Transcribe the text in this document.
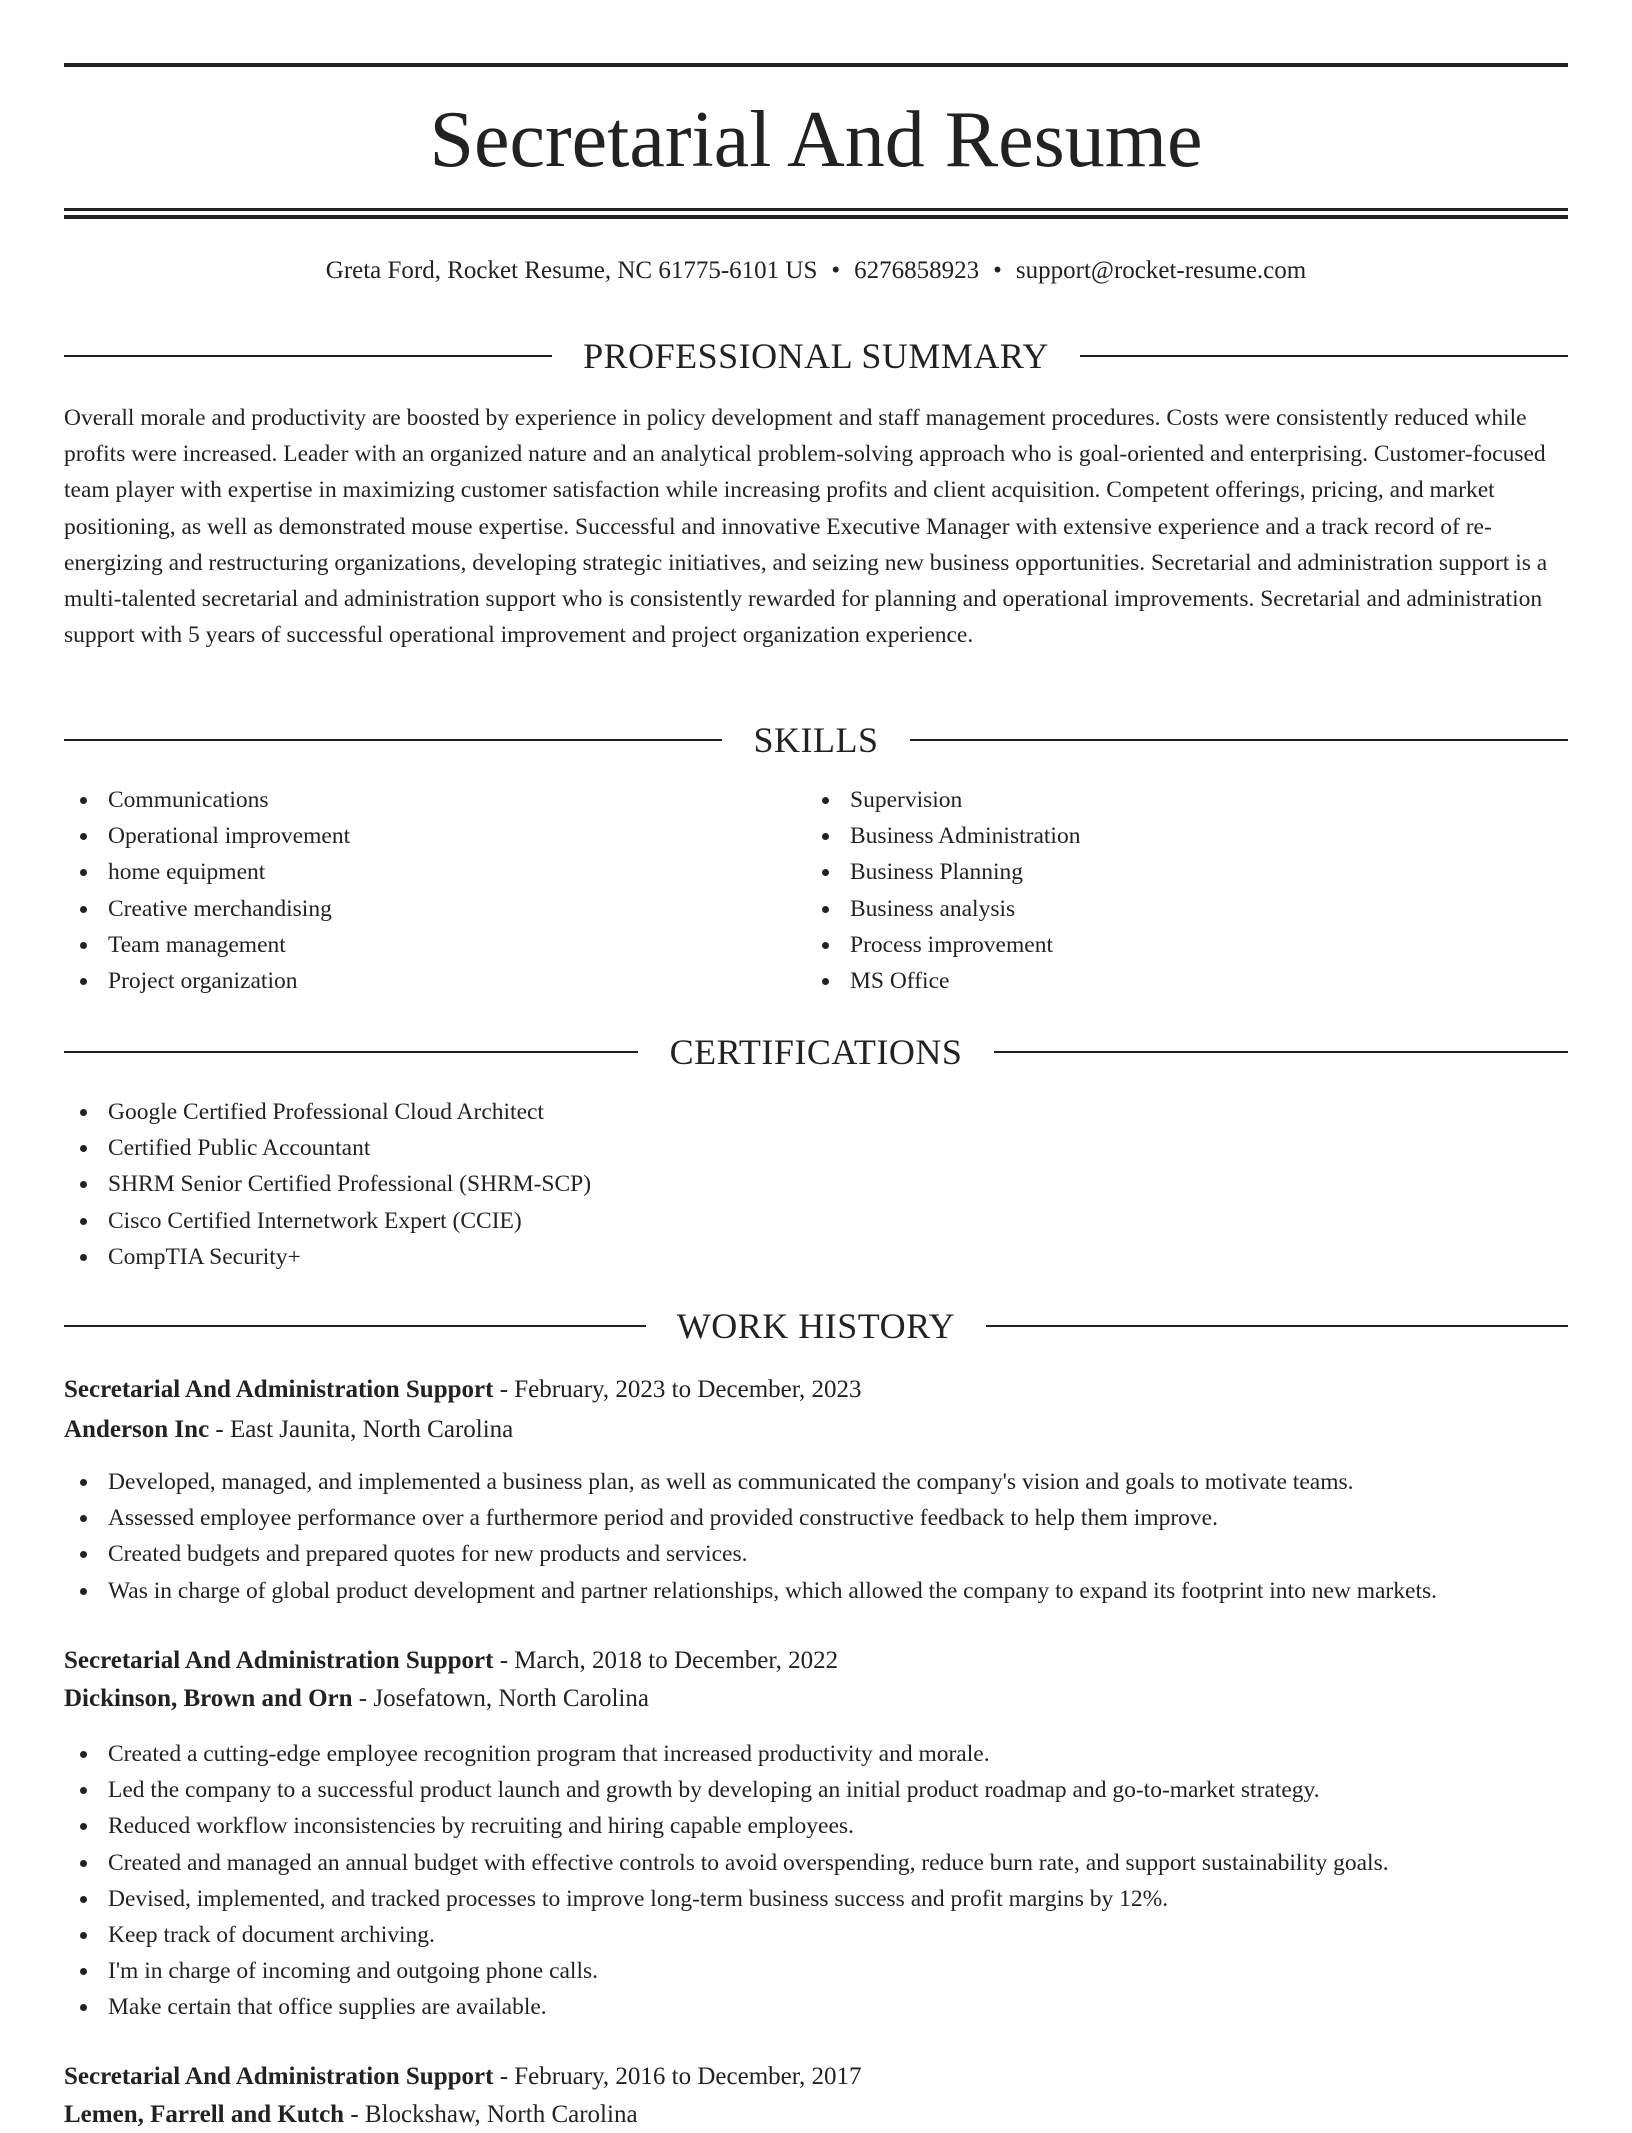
Secretarial And Resume
Greta Ford, Rocket Resume, NC 61775-6101 US • 6276858923 • support@rocket-resume.com
PROFESSIONAL SUMMARY

Overall morale and productivity are boosted by experience in policy development and staff management procedures. Costs were consistently reduced while profits were increased. Leader with an organized nature and an analytical problem-solving approach who is goal-oriented and enterprising. Customer-focused team player with expertise in maximizing customer satisfaction while increasing profits and client acquisition. Competent offerings, pricing, and market positioning, as well as demonstrated mouse expertise. Successful and innovative Executive Manager with extensive experience and a track record of re-energizing and restructuring organizations, developing strategic initiatives, and seizing new business opportunities. Secretarial and administration support is a multi-talented secretarial and administration support who is consistently rewarded for planning and operational improvements. Secretarial and administration support with 5 years of successful operational improvement and project organization experience.

SKILLS
Communications
Operational improvement
home equipment
Creative merchandising
Team management
Project organization
Supervision
Business Administration
Business Planning
Business analysis
Process improvement
MS Office
CERTIFICATIONS
Google Certified Professional Cloud Architect
Certified Public Accountant
SHRM Senior Certified Professional (SHRM-SCP)
Cisco Certified Internetwork Expert (CCIE)
CompTIA Security+
WORK HISTORY
Secretarial And Administration Support - February, 2023 to December, 2023
Anderson Inc - East Jaunita, North Carolina
Developed, managed, and implemented a business plan, as well as communicated the company's vision and goals to motivate teams.
Assessed employee performance over a furthermore period and provided constructive feedback to help them improve.
Created budgets and prepared quotes for new products and services.
Was in charge of global product development and partner relationships, which allowed the company to expand its footprint into new markets.
Secretarial And Administration Support - March, 2018 to December, 2022
Dickinson, Brown and Orn - Josefatown, North Carolina
Created a cutting-edge employee recognition program that increased productivity and morale.
Led the company to a successful product launch and growth by developing an initial product roadmap and go-to-market strategy.
Reduced workflow inconsistencies by recruiting and hiring capable employees.
Created and managed an annual budget with effective controls to avoid overspending, reduce burn rate, and support sustainability goals.
Devised, implemented, and tracked processes to improve long-term business success and profit margins by 12%.
Keep track of document archiving.
I'm in charge of incoming and outgoing phone calls.
Make certain that office supplies are available.
Secretarial And Administration Support - February, 2016 to December, 2017
Lemen, Farrell and Kutch - Blockshaw, North Carolina
